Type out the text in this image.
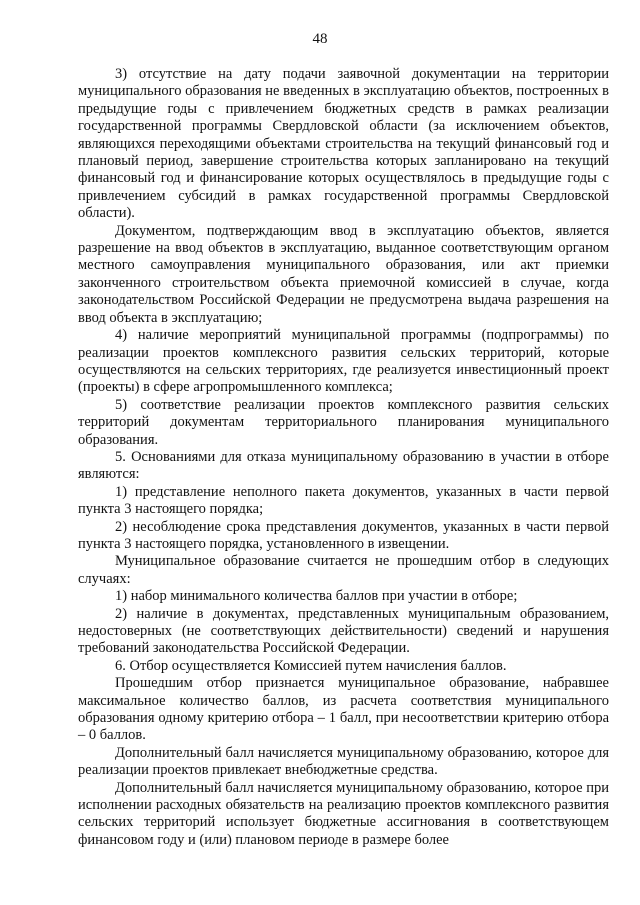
48

3) отсутствие на дату подачи заявочной документации на территории муниципального образования не введенных в эксплуатацию объектов, построенных в предыдущие годы с привлечением бюджетных средств в рамках реализации государственной программы Свердловской области (за исключением объектов, являющихся переходящими объектами строительства на текущий финансовый год и плановый период, завершение строительства которых запланировано на текущий финансовый год и финансирование которых осуществлялось в предыдущие годы с привлечением субсидий в рамках государственной программы Свердловской области).

Документом, подтверждающим ввод в эксплуатацию объектов, является разрешение на ввод объектов в эксплуатацию, выданное соответствующим органом местного самоуправления муниципального образования, или акт приемки законченного строительством объекта приемочной комиссией в случае, когда законодательством Российской Федерации не предусмотрена выдача разрешения на ввод объекта в эксплуатацию;

4) наличие мероприятий муниципальной программы (подпрограммы) по реализации проектов комплексного развития сельских территорий, которые осуществляются на сельских территориях, где реализуется инвестиционный проект (проекты) в сфере агропромышленного комплекса;

5) соответствие реализации проектов комплексного развития сельских территорий документам территориального планирования муниципального образования.

5. Основаниями для отказа муниципальному образованию в участии в отборе являются:

1) представление неполного пакета документов, указанных в части первой пункта 3 настоящего порядка;

2) несоблюдение срока представления документов, указанных в части первой пункта 3 настоящего порядка, установленного в извещении.

Муниципальное образование считается не прошедшим отбор в следующих случаях:

1) набор минимального количества баллов при участии в отборе;

2) наличие в документах, представленных муниципальным образованием, недостоверных (не соответствующих действительности) сведений и нарушения требований законодательства Российской Федерации.

6. Отбор осуществляется Комиссией путем начисления баллов.

Прошедшим отбор признается муниципальное образование, набравшее максимальное количество баллов, из расчета соответствия муниципального образования одному критерию отбора – 1 балл, при несоответствии критерию отбора – 0 баллов.

Дополнительный балл начисляется муниципальному образованию, которое для реализации проектов привлекает внебюджетные средства.

Дополнительный балл начисляется муниципальному образованию, которое при исполнении расходных обязательств на реализацию проектов комплексного развития сельских территорий использует бюджетные ассигнования в соответствующем финансовом году и (или) плановом периоде в размере более
